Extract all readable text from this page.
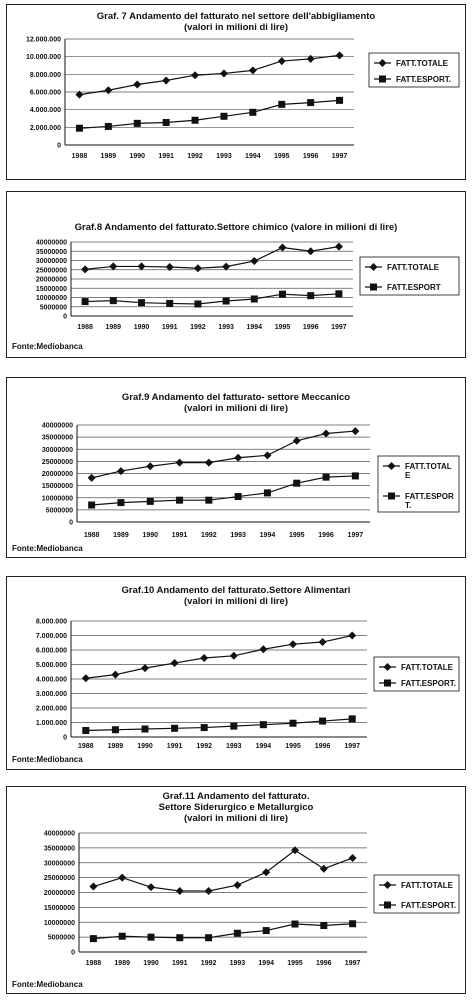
Graf. 7 Andamento del fatturato nel settore dell'abbigliamento
(valori in milioni di lire)
0
2.000.000
4.000.000
6.000.000
8.000.000
10.000.000
12.000.000
1988 1989 1990 1991 1992 1993 1994 1995 1996 1997
FATT.TOTALE
FATT.ESPORT.
Graf.8 Andamento del fatturato.Settore chimico (valore in milioni di lire)
0
5000000
10000000
15000000
20000000
25000000
30000000
35000000
40000000
1988 1989 1990 1991 1992 1993 1994 1995 1996 1997
FATT.TOTALE
FATT.ESPORT
Fonte:Mediobanca
Graf.9 Andamento del fatturato- settore Meccanico
(valori in milioni di lire)
0
5000000
10000000
15000000
20000000
25000000
30000000
35000000
40000000
1988 1989 1990 1991 1992 1993 1994 1995 1996 1997
FATT.TOTAL
E
FATT.ESPOR
T.
Fonte:Mediobanca
Graf.10 Andamento del fatturato.Settore Alimentari
(valori in milioni di lire)
0
1.000.000
2.000.000
3.000.000
4.000.000
5.000.000
6.000.000
7.000.000
8.000.000
1988 1989 1990 1991 1992 1993 1994 1995 1996 1997
FATT.TOTALE
FATT.ESPORT.
Fonte:Mediobanca
Graf.11 Andamento del fatturato.
Settore Siderurgico e Metallurgico
(valori in milioni di lire)
0
5000000
10000000
15000000
20000000
25000000
30000000
35000000
40000000
1988 1989 1990 1991 1992 1993 1994 1995 1996 1997
FATT.TOTALE
FATT.ESPORT.
Fonte:Mediobanca
